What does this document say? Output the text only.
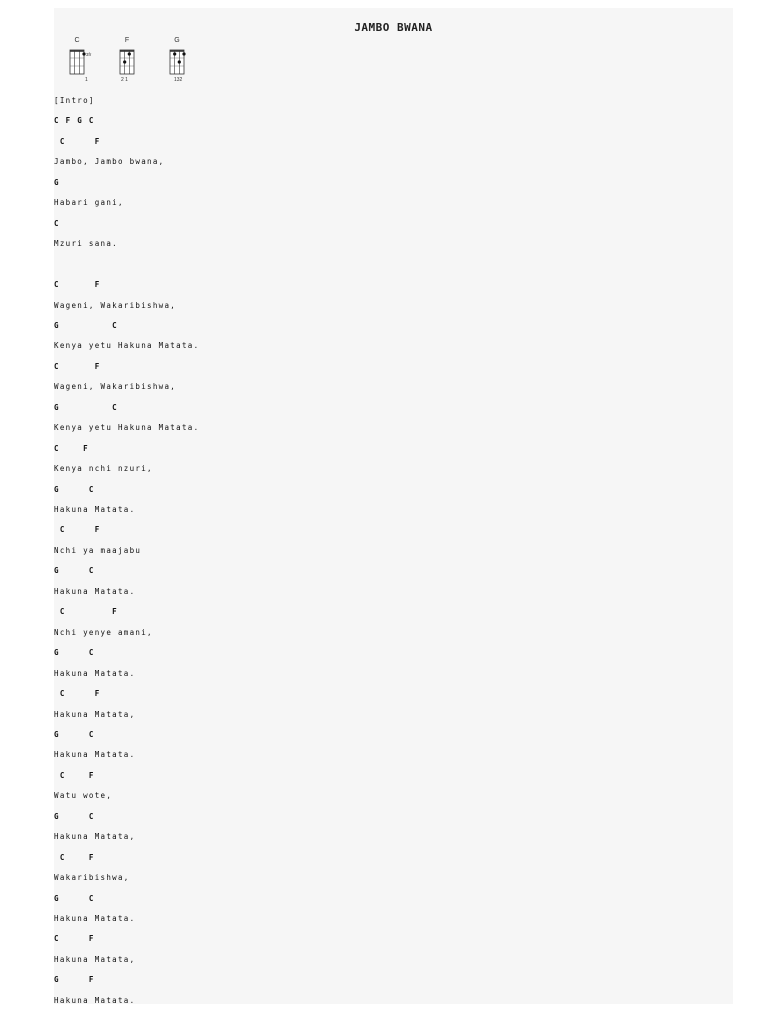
JAMBO BWANA
C
3fr
1
F
2 1
G
132
[Intro]
C F G C
C     F
Jambo, Jambo bwana,
G
Habari gani,
C
Mzuri sana.
C      F
Wageni, Wakaribishwa,
G         C
Kenya yetu Hakuna Matata.
C      F
Wageni, Wakaribishwa,
G         C
Kenya yetu Hakuna Matata.
C    F
Kenya nchi nzuri,
G     C
Hakuna Matata.
C     F
Nchi ya maajabu
G     C
Hakuna Matata.
C        F
Nchi yenye amani,
G     C
Hakuna Matata.
C     F
Hakuna Matata,
G     C
Hakuna Matata.
C    F
Watu wote,
G     C
Hakuna Matata,
C    F
Wakaribishwa,
G     C
Hakuna Matata.
C     F
Hakuna Matata,
G     F
Hakuna Matata.
